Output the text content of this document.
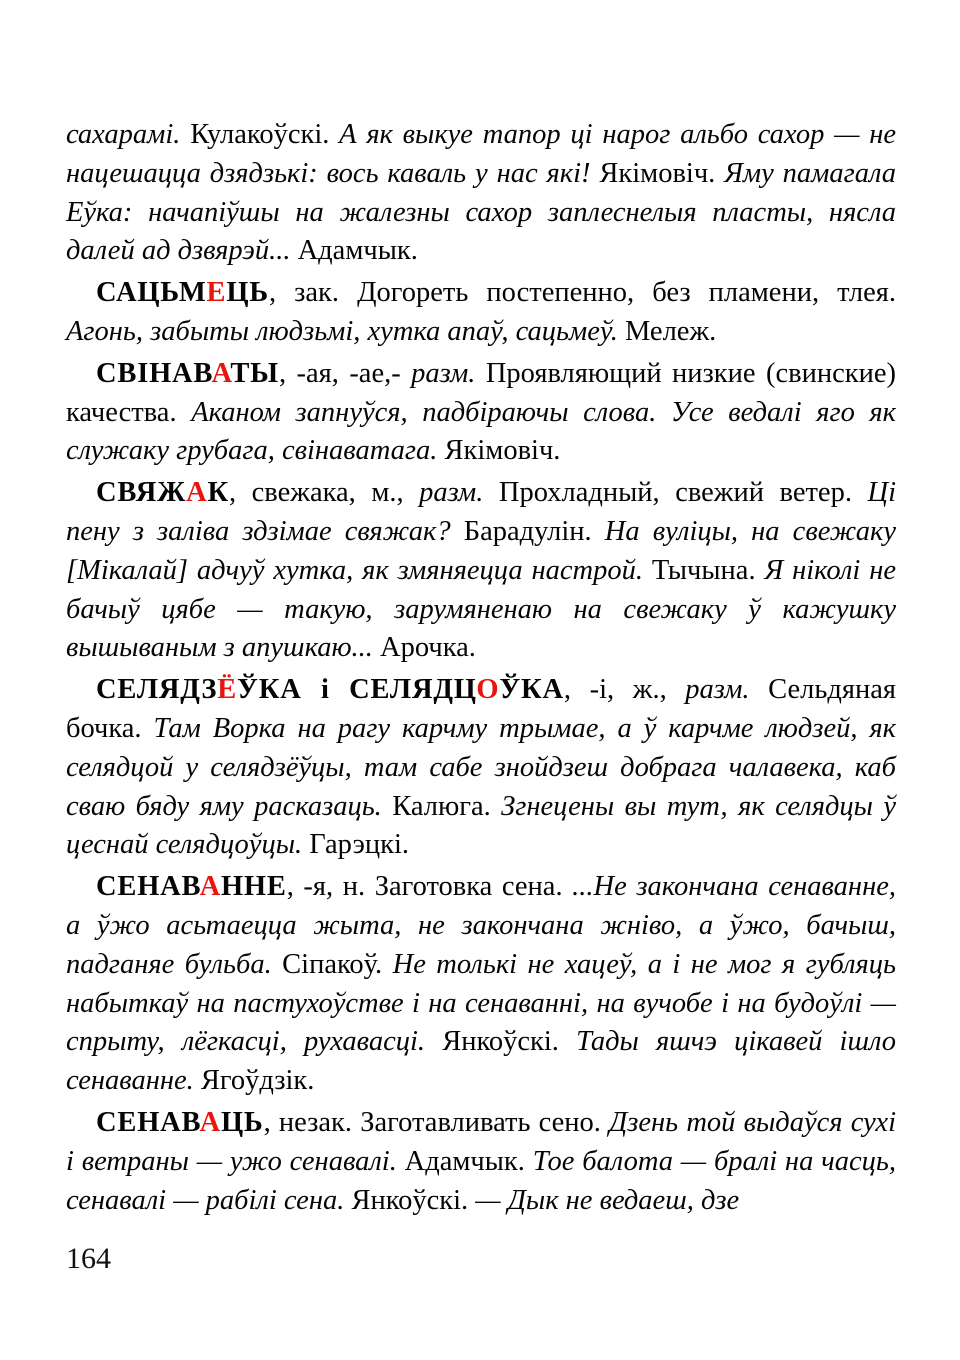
сахарамі. Кулакоўскі. А як выкуе тапор ці нарог альбо сахор — не нацешацца дзядзькі: вось каваль у нас які! Якімовіч. Яму памагала Еўка: начапіўшы на жалезны сахор заплеснелыя пласты, нясла далей ад дзвярэй... Адамчык.

САЦЬМЕЦЬ, зак. Догореть постепенно, без пламени, тлея. Агонь, забыты людзьмі, хутка апаў, сацьмеў. Мележ.

СВІНАВАТЫ, -ая, -ае,- разм. Проявляющий низкие (свинские) качества. Аканом запнуўся, падбіраючы слова. Усе ведалі яго як служаку грубага, свінаватага. Якімовіч.

СВЯЖАК, свежака, м., разм. Прохладный, свежий ветер. Ці пену з заліва здзімае свяжак? Барадулін. На вуліцы, на свежаку [Мікалай] адчуў хутка, як змяняецца настрой. Тычына. Я ніколі не бачыў цябе — такую, зарумяненаю на свежаку ў кажушку вышываным з апушкаю... Арочка.

СЕЛЯДЗЁЎКА і СЕЛЯДЦОЎКА, -і, ж., разм. Сельдяная бочка. Там Ворка на рагу карчму трымае, а ў карчме людзей, як селядцой у селядзёўцы, там сабе знойдзеш добрага чалавека, каб сваю бяду яму расказаць. Калюга. Згнецены вы тут, як селядцы ў цеснай селядцоўцы. Гарэцкі.

СЕНАВАННЕ, -я, н. Заготовка сена. ...Не закончана сенаванне, а ўжо асьтаецца жыта, не закончана жніво, а ўжо, бачыш, падганяе бульба. Сіпакоў. Не толькі не хацеў, а і не мог я губляць набыткаў на пастухоўстве і на сенаванні, на вучобе і на будоўлі — спрыту, лёгкасці, рухавасці. Янкоўскі. Тады яшчэ цікавей ішло сенаванне. Ягоўдзік.

СЕНАВАЦЬ, незак. Заготавливать сено. Дзень той выдаўся сухі і ветраны — ужо сенавалі. Адамчык. Тое балота — бралі на часць, сенавалі — рабілі сена. Янкоўскі. — Дык не ведаеш, дзе

164
